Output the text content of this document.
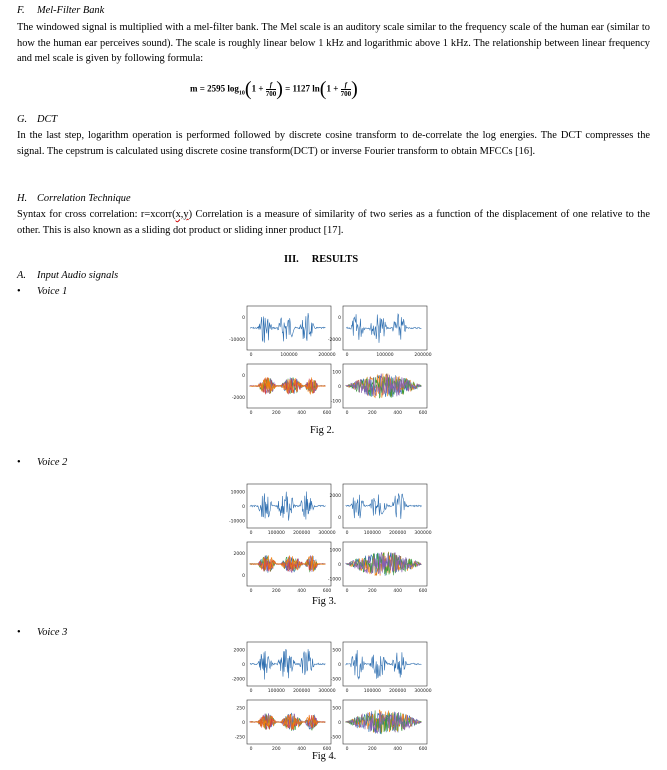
F. Mel-Filter Bank
The windowed signal is multiplied with a mel-filter bank. The Mel scale is an auditory scale similar to the frequency scale of the human ear (similar to how the human ear perceives sound). The scale is roughly linear below 1 kHz and logarithmic above 1 kHz. The relationship between linear frequency and mel scale is given by following formula:
m = 2595 $\log_{10}(1 + \frac{f}{700}$ ) = 1127 $\ln(1 + \frac{f}{700}$ )
G. DCT
In the last step, logarithm operation is performed followed by discrete cosine transform to de-correlate the log energies. The DCT compresses the signal. The cepstrum is calculated using discrete cosine transform(DCT) or inverse Fourier transform to obtain MFCCs [16].
H. Correlation Technique
Syntax for cross correlation: r=xcorr(x,y) Correlation is a measure of similarity of two series as a function of the displacement of one relative to the other. This is also known as a sliding dot product or sliding inner product [17].
III. RESULTS
A. Input Audio signals
• Voice 1
• Voice 2
• Voice 3
0
-10000
0	100000	200000
0
-2000
0	100000	200000
0
-2000
0	200	400	600
100
0
-100
0	200	400	600
Fig 2.
10000
0
-10000
0	100000 200000 300000
2000
0
0	100000 200000 300000
2000
0
0	200	400	600
1000
0
-1000
0	200	400	600
Fig 3.
2000
0
-2000
0	100000 200000 300000
500
0
-500
0	100000 200000 300000
250
0
-250
0	200	400	600
500
0
-500
0	200	400	600
Fig 4.
